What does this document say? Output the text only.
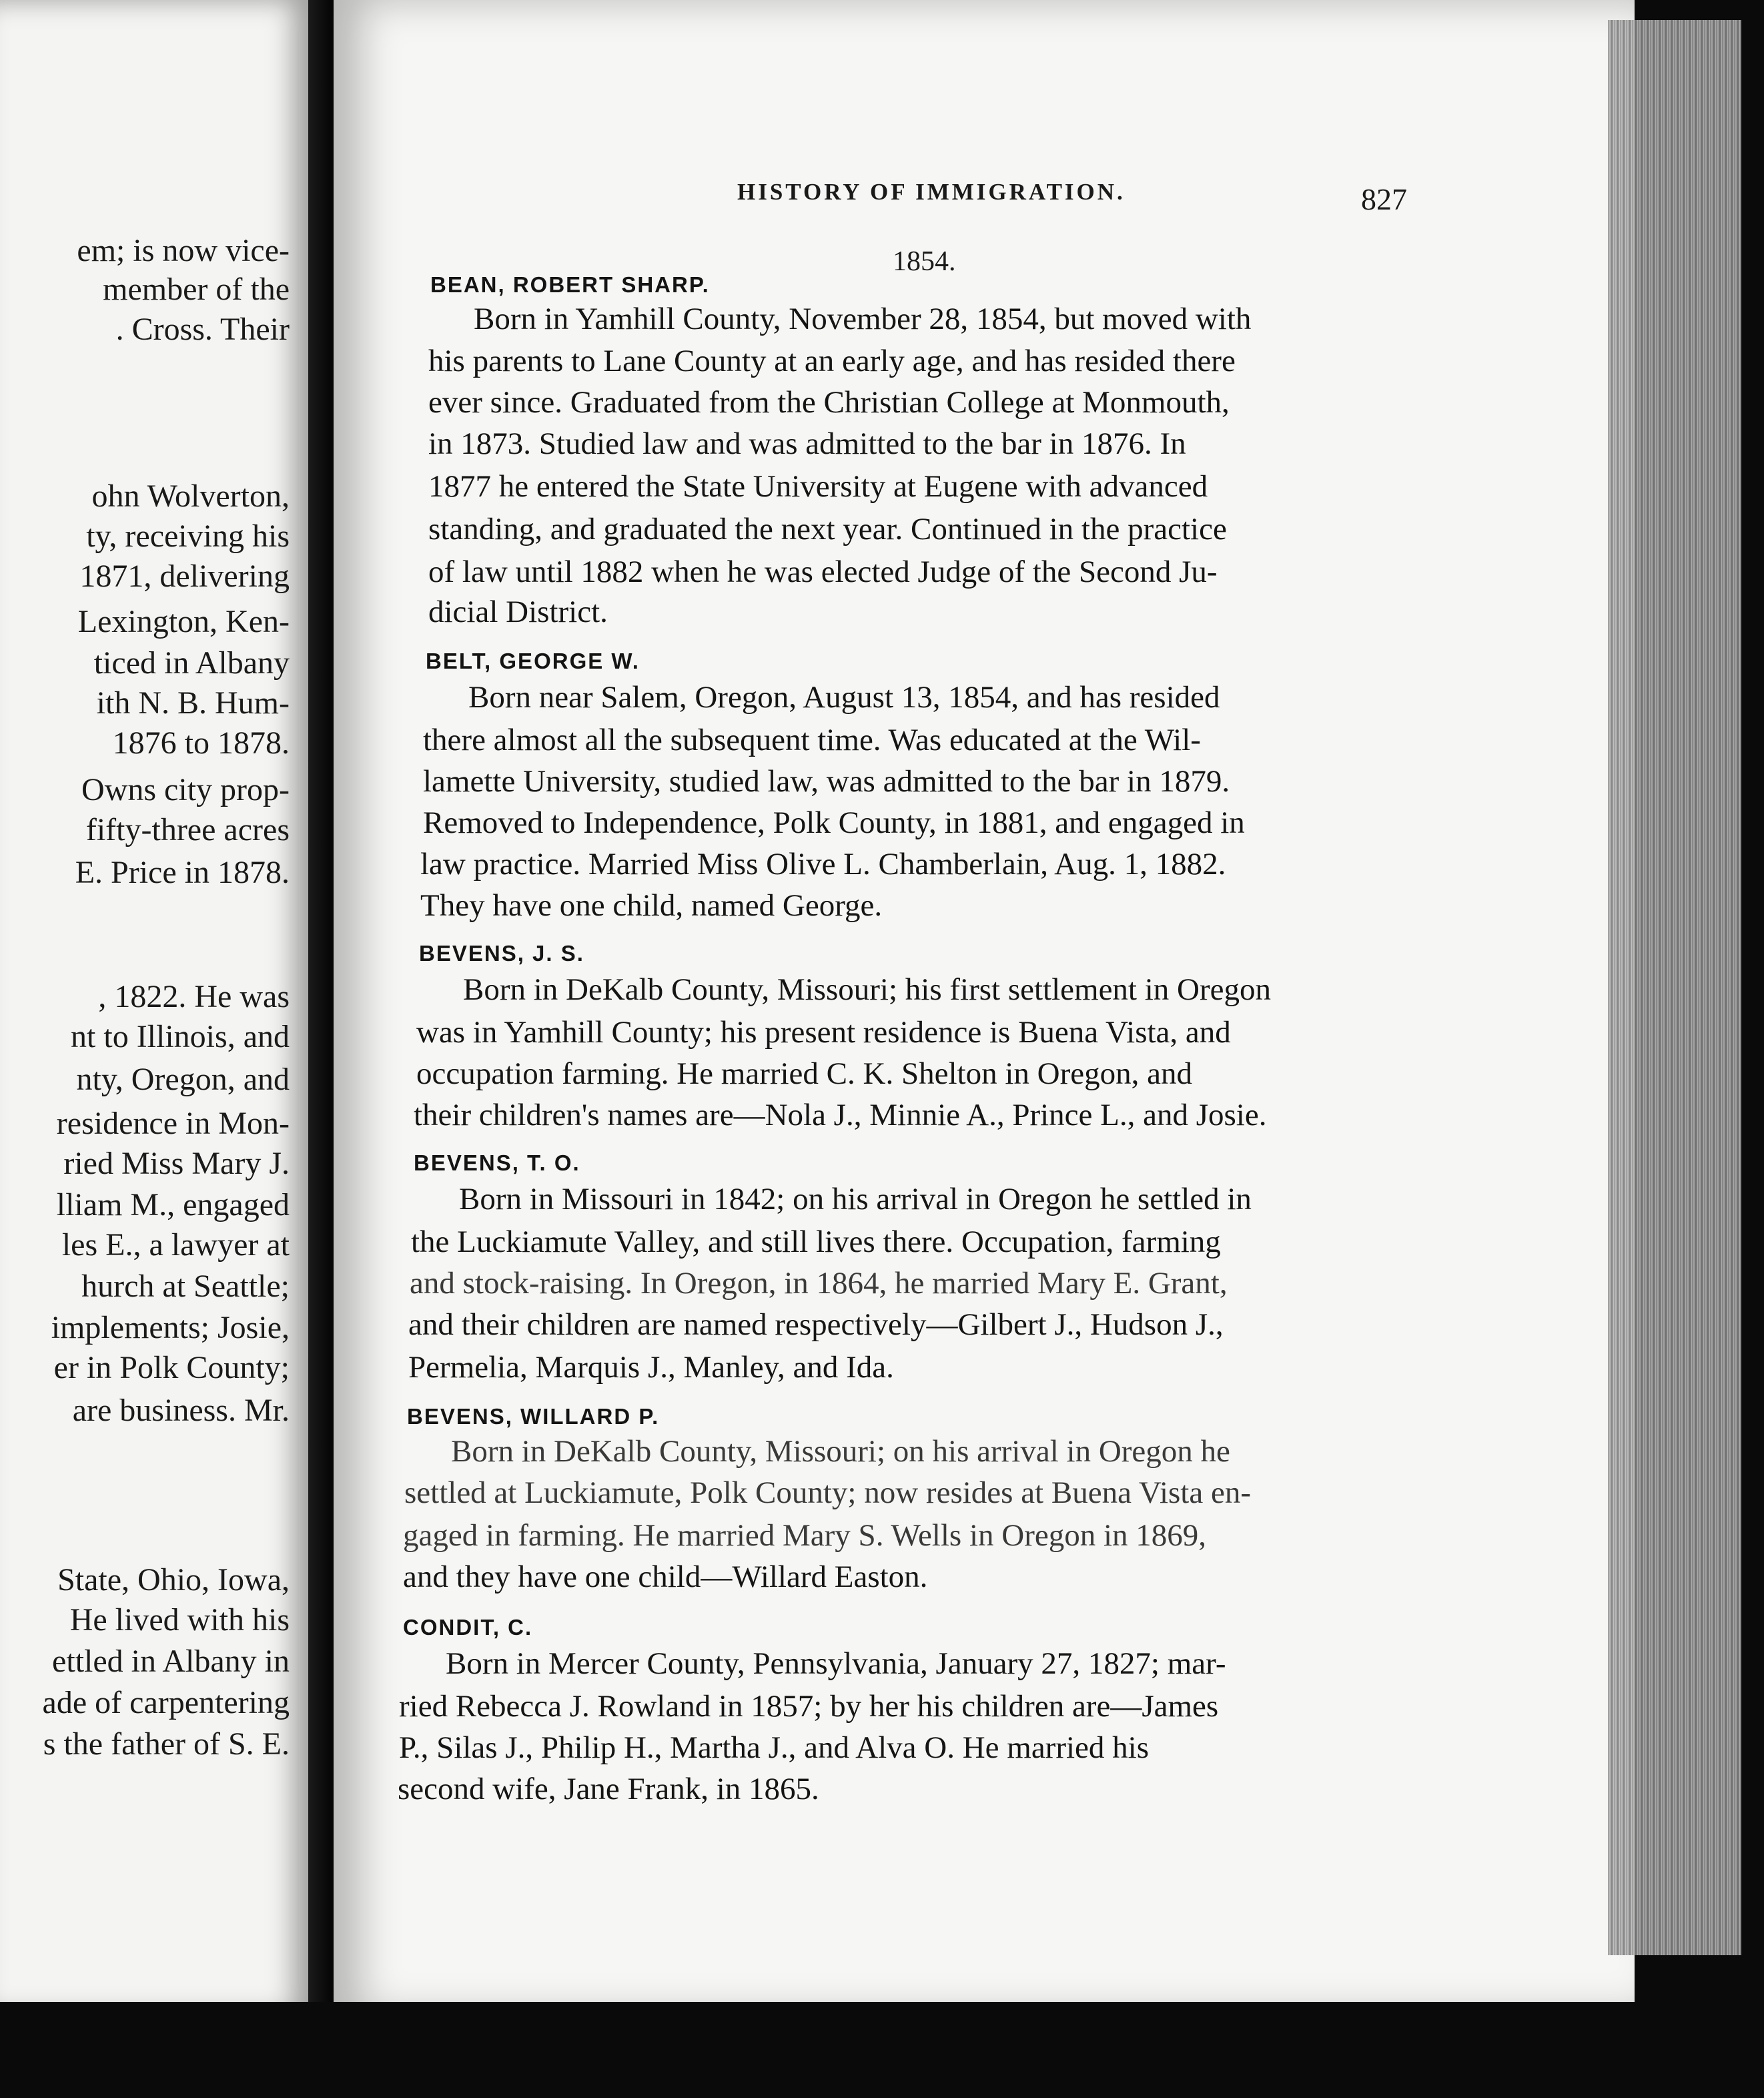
em; is now vice-
member of the
. Cross. Their
ohn Wolverton,
ty, receiving his
1871, delivering
Lexington, Ken-
ticed in Albany
ith N. B. Hum-
1876 to 1878.
Owns city prop-
fifty-three acres
E. Price in 1878.
, 1822. He was
nt to Illinois, and
nty, Oregon, and
residence in Mon-
ried Miss Mary J.
lliam M., engaged
les E., a lawyer at
hurch at Seattle;
implements; Josie,
er in Polk County;
are business. Mr.
State, Ohio, Iowa,
He lived with his
ettled in Albany in
ade of carpentering
s the father of S. E.
HISTORY OF IMMIGRATION.	827
1854.
BEAN, ROBERT SHARP.
Born in Yamhill County, November 28, 1854, but moved with
his parents to Lane County at an early age, and has resided there
ever since. Graduated from the Christian College at Monmouth,
in 1873. Studied law and was admitted to the bar in 1876. In
1877 he entered the State University at Eugene with advanced
standing, and graduated the next year. Continued in the practice
of law until 1882 when he was elected Judge of the Second Ju-
dicial District.
BELT, GEORGE W.
Born near Salem, Oregon, August 13, 1854, and has resided
there almost all the subsequent time. Was educated at the Wil-
lamette University, studied law, was admitted to the bar in 1879.
Removed to Independence, Polk County, in 1881, and engaged in
law practice. Married Miss Olive L. Chamberlain, Aug. 1, 1882.
They have one child, named George.
BEVENS, J. S.
Born in DeKalb County, Missouri; his first settlement in Oregon
was in Yamhill County; his present residence is Buena Vista, and
occupation farming. He married C. K. Shelton in Oregon, and
their children's names are—Nola J., Minnie A., Prince L., and Josie.
BEVENS, T. O.
Born in Missouri in 1842; on his arrival in Oregon he settled in
the Luckiamute Valley, and still lives there. Occupation, farming
and stock-raising. In Oregon, in 1864, he married Mary E. Grant,
and their children are named respectively—Gilbert J., Hudson J.,
Permelia, Marquis J., Manley, and Ida.
BEVENS, WILLARD P.
Born in DeKalb County, Missouri; on his arrival in Oregon he
settled at Luckiamute, Polk County; now resides at Buena Vista en-
gaged in farming. He married Mary S. Wells in Oregon in 1869,
and they have one child—Willard Easton.
CONDIT, C.
Born in Mercer County, Pennsylvania, January 27, 1827; mar-
ried Rebecca J. Rowland in 1857; by her his children are—James
P., Silas J., Philip H., Martha J., and Alva O. He married his
second wife, Jane Frank, in 1865.
